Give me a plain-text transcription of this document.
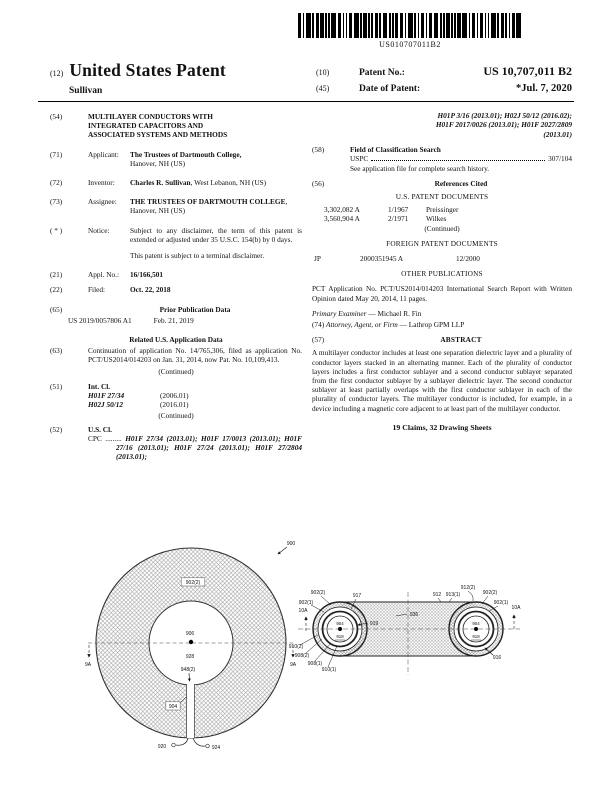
US010707011B2
(12) United States Patent
Sullivan
(10)	Patent No.:	US 10,707,011 B2
(45)	Date of Patent:	*Jul. 7, 2020
(54)	MULTILAYER CONDUCTORS WITH INTEGRATED CAPACITORS AND ASSOCIATED SYSTEMS AND METHODS
(71)	Applicant:	The Trustees of Dartmouth College,
Hanover, NH (US)
(72)	Inventor:	Charles R. Sullivan, West Lebanon, NH (US)
(73)	Assignee:	THE TRUSTEES OF DARTMOUTH COLLEGE, Hanover, NH (US)
( * )	Notice:	Subject to any disclaimer, the term of this patent is extended or adjusted under 35 U.S.C. 154(b) by 0 days.
This patent is subject to a terminal disclaimer.
(21)	Appl. No.:	16/166,501
(22)	Filed:	Oct. 22, 2018
(65)	Prior Publication Data
US 2019/0057806 A1	Feb. 21, 2019
Related U.S. Application Data
(63)	Continuation of application No. 14/765,306, filed as application No. PCT/US2014/014203 on Jan. 31, 2014, now Pat. No. 10,109,413.
(Continued)
(51)	Int. Cl.
H01F 27/34	(2006.01)
H02J 50/12	(2016.01)
(Continued)
(52)	U.S. Cl.
CPC ......... H01F 27/34 (2013.01); H01F 17/0013 (2013.01); H01F 27/16 (2013.01); H01F 27/24 (2013.01); H01F 27/2804 (2013.01);
H01P 3/16 (2013.01); H02J 50/12 (2016.02);
H01F 2017/0026 (2013.01); H01F 2027/2809
(2013.01)
(58)	Field of Classification Search
USPC	307/104
See application file for complete search history.
(56)	References Cited
U.S. PATENT DOCUMENTS
3,302,082 A	1/1967	Preissinger
3,560,904 A	2/1971	Wilkes
(Continued)
FOREIGN PATENT DOCUMENTS
JP	2000351945 A	12/2000
OTHER PUBLICATIONS
PCT Application No. PCT/US2014/014203 International Search Report with Written Opinion dated May 20, 2014, 11 pages.
Primary Examiner — Michael R. Fin
(74) Attorney, Agent, or Firm — Lathrop GPM LLP
(57)	ABSTRACT
A multilayer conductor includes at least one separation dielectric layer and a plurality of conductor layers stacked in an alternating manner. Each of the plurality of conductor layers includes a first conductor sublayer and a second conductor sublayer separated from the first conductor sublayer by a sublayer dielectric layer. The second conductor sublayer at least partially overlaps with the first conductor sublayer in each of the plurality of conductor layers. The multilayer conductor is included, for example, in a device including a magnetic core adjacent to at least part of the multilayer conductor.
19 Claims, 32 Drawing Sheets
900
902(2)
906
928
948(2)
904
9A	9A
920	924
902(2)
902(1)
917
919
936
912 913(1)
912(2)
902(2)
902(1)
10A	10A
916
904
918
904
918
910(2)
908(2)
908(1)
910(1)
